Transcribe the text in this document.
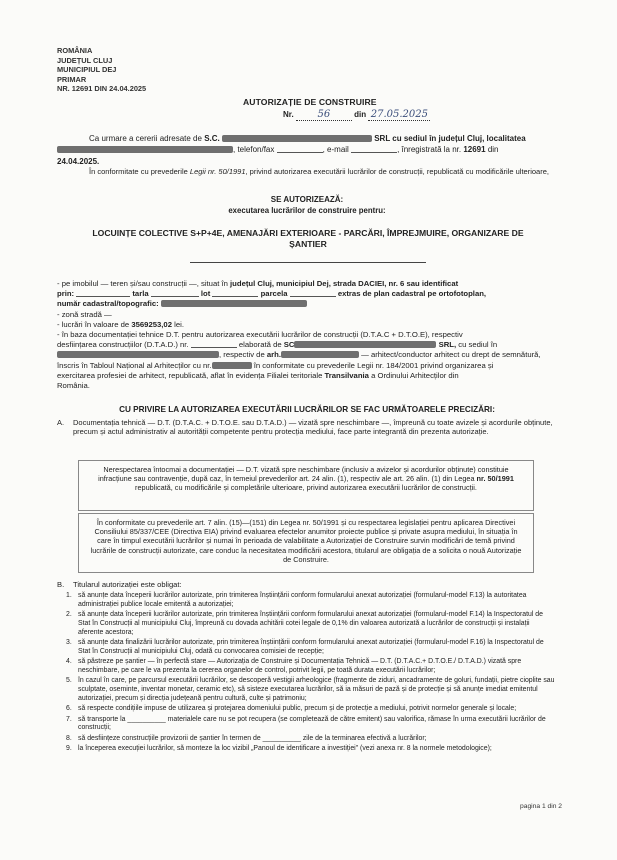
ROMÂNIA
JUDEȚUL CLUJ
MUNICIPIUL DEJ
PRIMAR
NR. 12691 DIN 24.04.2025
AUTORIZAȚIE DE CONSTRUIRE
Nr. 56	din 27.05.2025
Ca urmare a cererii adresate de S.C.	SRL cu sediul în județul Cluj, localitatea
, telefon/fax	, e-mail	, înregistrată la nr. 12691 din
24.04.2025.
În conformitate cu prevederile Legii nr. 50/1991, privind autorizarea executării lucrărilor de construcții, republicată cu modificările ulterioare,
SE AUTORIZEAZĂ:
executarea lucrărilor de construire pentru:
LOCUINȚE COLECTIVE S+P+4E, AMENAJĂRI EXTERIOARE - PARCĂRI, ÎMPREJMUIRE, ORGANIZARE DE ȘANTIER
- pe imobilul — teren și/sau construcții —, situat în județul Cluj, municipiul Dej, strada DACIEI, nr. 6 sau identificat
prin:	tarla	lot	parcela	extras de plan cadastral pe ortofotoplan,
număr cadastral/topografic:
- zonă stradă —
- lucrări în valoare de 3569253,02 lei.
- în baza documentației tehnice D.T. pentru autorizarea executării lucrărilor de construcții (D.T.A.C + D.T.O.E), respectiv
desființarea construcțiilor (D.T.A.D.) nr.	elaborată de SC	SRL, cu sediul în
, respectiv de arh.	— arhitect/conductor arhitect cu drept de semnătură,
înscris în Tabloul Național al Arhitecților cu nr.	în conformitate cu prevederile Legii nr. 184/2001 privind organizarea și
exercitarea profesiei de arhitect, republicată, aflat în evidența Filialei teritoriale Transilvania a Ordinului Arhitecților din
România.
CU PRIVIRE LA AUTORIZAREA EXECUTĂRII LUCRĂRILOR SE FAC URMĂTOARELE PRECIZĂRI:
A.	Documentația tehnică — D.T. (D.T.A.C. + D.T.O.E. sau D.T.A.D.) — vizată spre neschimbare —, împreună cu toate avizele și acordurile obținute, precum și actul administrativ al autorității competente pentru protecția mediului, face parte integrantă din prezenta autorizație.
Nerespectarea întocmai a documentației — D.T. vizată spre neschimbare (inclusiv a avizelor și acordurilor obținute) constituie infracțiune sau contravenție, după caz, în temeiul prevederilor art. 24 alin. (1), respectiv ale art. 26 alin. (1) din Legea nr. 50/1991 republicată, cu modificările și completările ulterioare, privind autorizarea executării lucrărilor de construcții.
În conformitate cu prevederile art. 7 alin. (15)—(151) din Legea nr. 50/1991 și cu respectarea legislației pentru aplicarea Directivei Consiliului 85/337/CEE (Directiva EIA) privind evaluarea efectelor anumitor proiecte publice și private asupra mediului, în situația în care în timpul executării lucrărilor și numai în perioada de valabilitate a Autorizației de Construire survin modificări de temă privind lucrările de construcții autorizate, care conduc la necesitatea modificării acestora, titularul are obligația de a solicita o nouă Autorizație de Construire.
B.	Titularul autorizației este obligat:
1. să anunțe data începerii lucrărilor autorizate, prin trimiterea înștiințării conform formularului anexat autorizației (formularul-model F.13) la autoritatea administrației publice locale emitentă a autorizației;
2. să anunțe data începerii lucrărilor autorizate, prin trimiterea înștiințării conform formularului anexat autorizației (formularul-model F.14) la Inspectoratul de Stat în Construcții al municipiului Cluj, împreună cu dovada achitării cotei legale de 0,1% din valoarea autorizată a lucrărilor de construcții și instalații aferente acestora;
3. să anunțe data finalizării lucrărilor autorizate, prin trimiterea înștiințării conform formularului anexat autorizației (formularul-model F.16) la Inspectoratul de Stat în Construcții al municipiului Cluj, odată cu convocarea comisiei de recepție;
4. să păstreze pe șantier — în perfectă stare — Autorizația de Construire și Documentația Tehnică — D.T. (D.T.A.C.+ D.T.O.E./ D.T.A.D.) vizată spre neschimbare, pe care le va prezenta la cererea organelor de control, potrivit legii, pe toată durata executării lucrărilor;
5. în cazul în care, pe parcursul executării lucrărilor, se descoperă vestigii arheologice (fragmente de ziduri, ancadramente de goluri, fundații, pietre cioplite sau sculptate, oseminte, inventar monetar, ceramic etc), să sisteze executarea lucrărilor, să ia măsuri de pază și de protecție și să anunțe imediat emitentul autorizației, precum și direcția județeană pentru cultură, culte și patrimoniu;
6. să respecte condițiile impuse de utilizarea și protejarea domeniului public, precum și de protecție a mediului, potrivit normelor generale și locale;
7. să transporte la __________ materialele care nu se pot recupera (se completează de către emitent) sau valorifica, rămase în urma executării lucrărilor de construcții;
8. să desființeze construcțiile provizorii de șantier în termen de __________ zile de la terminarea efectivă a lucrărilor;
9. la începerea execuției lucrărilor, să monteze la loc vizibil „Panoul de identificare a investiției" (vezi anexa nr. 8 la normele metodologice);
pagina 1 din 2
